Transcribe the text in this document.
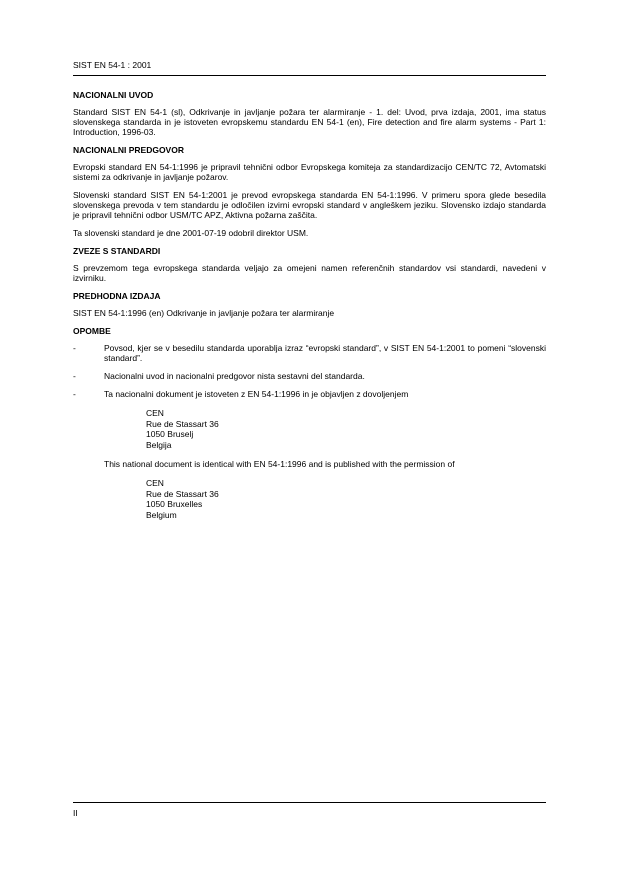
SIST EN 54-1 : 2001

NACIONALNI UVOD

Standard SIST EN 54-1 (sl), Odkrivanje in javljanje požara ter alarmiranje - 1. del: Uvod, prva izdaja, 2001, ima status slovenskega standarda in je istoveten evropskemu standardu EN 54-1 (en), Fire detection and fire alarm systems - Part 1: Introduction, 1996-03.

NACIONALNI PREDGOVOR

Evropski standard EN 54-1:1996 je pripravil tehnični odbor Evropskega komiteja za standardizacijo CEN/TC 72, Avtomatski sistemi za odkrivanje in javljanje požarov.

Slovenski standard SIST EN 54-1:2001 je prevod evropskega standarda EN 54-1:1996. V primeru spora glede besedila slovenskega prevoda v tem standardu je odločilen izvirni evropski standard v angleškem jeziku. Slovensko izdajo standarda je pripravil tehnični odbor USM/TC APZ, Aktivna požarna zaščita.

Ta slovenski standard je dne 2001-07-19 odobril direktor USM.

ZVEZE S STANDARDI

S prevzemom tega evropskega standarda veljajo za omejeni namen referenčnih standardov vsi standardi, navedeni v izvirniku.

PREDHODNA IZDAJA

SIST EN 54-1:1996 (en) Odkrivanje in javljanje požara ter alarmiranje

OPOMBE

-	Povsod, kjer se v besedilu standarda uporablja izraz “evropski standard”, v SIST EN 54-1:2001 to pomeni “slovenski standard”.
-	Nacionalni uvod in nacionalni predgovor nista sestavni del standarda.
-	Ta nacionalni dokument je istoveten z EN 54-1:1996 in je objavljen z dovoljenjem
CEN
Rue de Stassart 36
1050 Bruselj
Belgija

This national document is identical with EN 54-1:1996 and is published with the permission of

CEN
Rue de Stassart 36
1050 Bruxelles
Belgium
II
